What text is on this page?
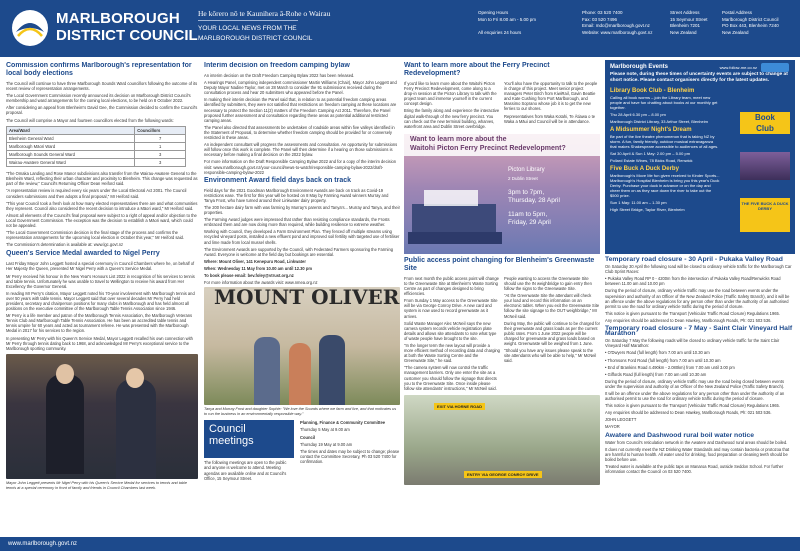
MARLBOROUGH
DISTRICT COUNCIL
He kōrero nō te Kaunihera ā-Rohe o Wairau
YOUR LOCAL NEWS FROM THE
MARLBOROUGH DISTRICT COUNCIL
Opening Hours
Mon to Fri 8.00 am - 5.00 pm

All enquiries 24 hours
Phone: 03 520 7400
Fax: 03 520 7496
Email: mdc@marlborough.govt.nz
Website: www.marlborough.govt.nz
Street Address
15 Seymour Street
Blenheim 7201
New Zealand
Postal Address
Marlborough District Council
PO Box 443, Blenheim 7240
New Zealand
Commission confirms Marlborough's representation for local body elections

The Council will continue to have three Marlborough Sounds Ward councillors following the outcome of its recent review of representation arrangements.

The Local Government Commission recently announced its decision on Marlborough District Council's membership and ward arrangements for the coming local elections, to be held on 8 October 2022.

After considering an appeal from Blenheim's David Gee, the Commission decided to confirm the Council's proposal.

The Council will comprise a Mayor and fourteen councillors elected from the following wards:

Area/Ward	Councillors
Blenheim General Ward	7
Marlborough Māori Ward	1
Marlborough Sounds General Ward	3
Wairau-Awatere General Ward	3

"The Omaka Landing and Rose Manor subdivisions also transfer from the Wairau-Awatere General to the Blenheim Ward, reflecting their urban character and proximity to Blenheim. This change was requested as part of the review," Council's Returning Officer Dean Heiford said.

"A representation review is required every six years under the Local Electoral Act 2001. The Council considers submissions and then adopts a final proposal," Mr Heiford said.

"This year Council took a fresh look at how many elected representatives there are and what communities they represent. Council also considered the recent decision to introduce a Māori ward," Mr Heiford said.

Almost all elements of the Council's final proposal were subject to a right of appeal and/or objection to the Local Government Commission. The exception was the decision to establish a Māori ward, which could not be appealed.

"The Local Government Commission decision is the final stage of the process and confirms the representation arrangements for the upcoming local election in October this year," Mr Heiford said.

The Commission's determination is available at: www.lgc.govt.nz

Queen's Service Medal awarded to Nigel Perry

Last Friday Mayor John Leggett hosted a special ceremony in Council Chambers where he, on behalf of Her Majesty the Queen, presented Mr Nigel Perry with a Queen's Service Medal.

Mr Perry received his honour in the New Year's Honours List 2022 in recognition of his services to tennis and table tennis. Unfortunately he was unable to travel to Wellington to receive his award from Her Excellency the Governor General.

In reading Mr Perry's citation, Mayor Leggett noted his 70-year involvement with Marlborough tennis and over 50 years with table tennis. Mayor Leggett said that over several decades Mr Perry had held president, secretary and chairperson positions for many clubs in Marlborough and has held almost all positions on the executive committee of the Marlborough Table Tennis Association since 1946.

Mr Perry is a life member and patron of the Marlborough Tennis Association, the Marlborough Veterans Tennis Club and Marlborough Table Tennis Association. He has been an accredited table tennis and tennis umpire for 60 years and acted as tournament referee. He was presented with the Marlborough Medal in 2017 for his services to the region.

In presenting Mr Perry with his Queen's Service Medal, Mayor Leggett recalled his own connection with Mr Perry through tennis dating back to 1968, and acknowledged Mr Perry's exceptional service to the Marlborough sporting community.

Mayor John Leggett presents Mr Nigel Perry with his Queen's Service Medal for services to tennis and table tennis at a special ceremony in front of family and friends in Council Chambers last week.

Interim decision on freedom camping bylaw

An interim decision on the Draft Freedom Camping Bylaw 2022 has been released.

A Hearings Panel, comprising independent commissioner Martin Williams (Chair), Mayor John Leggett and Deputy Mayor Nadine Taylor, met on 28 March to consider the 91 submissions received during the consultation process and hear 20 submitters who appeared before the Panel.

In making their interim decision the Panel said that, in relation to as potential freedom camping areas identified by submitters, they were not satisfied that restrictions on freedom camping at these locations are necessary to protect the Section 11(2) matters of the Freedom Camping Act 2011. Therefore, the Panel proposed further assessment and consultation regarding these areas as potential additional restricted camping areas.

The Panel also directed that assessments be undertaken of roadside areas within five valleys identified in the Statement of Proposal, to determine whether freedom camping should be provided for or conversely restricted in these areas.

An independent consultant will progress the assessments and consultation. An opportunity for submissions will follow once this work is complete. The Panel will then determine if a hearing on those submissions is necessary before making a final decision on the 2022 bylaw.

For more information on the Draft Responsible Camping Bylaw 2022 and for a copy of the interim decision visit: www.marlborough.govt.nz/your-council/news-to-watch/responsible-camping-bylaw-2022/draft-responsible-camping-bylaw-2022

Environment Award field days back on track

Field days for the 2021 Goodman Marlborough Environment Awards are back on track as Covid-19 restrictions ease. The first for this year will be hosted on 8 May by Farming Award winners Murray and Tanya Frost, who have turned around their Linkwater dairy property.

The 200 hectare dairy farm with was farming by Murray's parents and Tanya's... Murray and Tanya, and their properties.

The Farming Award judges were impressed that rather than resisting compliance standards, the Frosts embraced them and are now doing more than required, while building resilience to extreme weather.

Working with Council, they developed a Farm Environment Plan. They fenced off multiple streams using recycled vineyard posts, installed a new effluent pond and improved soil fertility with targeted use of fertiliser and lime made from local mussel shells.

The Environment Awards are supported by the Council, with Federated Farmers sponsoring the Farming Award. Everyone is welcome at the field day but bookings are essential.

Where: Mount Oliver, 141 Kenepuru Road, Linkwater

When: Wednesday 11 May from 10.00 am until 12.30 pm

To book please email: bev.foley@vtrust.org.nz

For more information about the awards visit: www.nmea.org.nz

MOUNT OLIVER

Tanya and Murray Frost and daughter Sophie: "We love the Sounds where we farm and live, and that motivates us to run the business in an environmentally responsible way."

Council
meetings

The following meetings are open to the public and anyone is welcome to attend. Meeting agendas are available online and at Council's Office, 15 Seymour Street.

Planning, Finance & Community Committee

Thursday 5 May at 9.00 am

Council

Thursday 19 May at 9.00 am

The times and dates may be subject to change; please contact the Committee Secretary, Ph 03 520 7400 for confirmation.

Want to learn more about the Ferry Precinct Redevelopment?

If you'd like to learn more about the Waitohi Picton Ferry Precinct Redevelopment, come along to a drop-in session at the Picton Library to talk with the project team and immerse yourself in the current concept design.

Bring the family along and experience the interactive digital walk-through of the new ferry precinct. You can check out the new terminal building, wharves, waterfront area and Dublin Street overbridge.

You'll also have the opportunity to talk to the people in charge of this project. Meet senior project managers Peter Birch from KiwiRail, Gavin Beattie and Kate Cushing from Port Marlborough, and Massimo Soprano whose job it is to get the new ferries to our shores.

Representatives from Waka Kotahi, Te Ātiawa o te Waka a Māui and Council will be in attendance.

Want to learn more about the
Waitohi Picton Ferry Precinct Redevelopment?
Picton Library
2 Dublin Street
3pm to 7pm,
Thursday, 28 April
11am to 5pm,
Friday, 29 April
Public access point changing for Blenheim's Greenwaste Site

From next month the public access point will change to the Greenwaste Site at Blenheim's Waste Sorting Centre as part of changes designed to bring efficiencies.

From Sunday 1 May access to the Greenwaste Site will be via George Conroy Drive. A new card and system is now used to record greenwaste as it arrives.

Solid Waste Manager Alec McNeil says the new camera system records vehicle registration plate details and allows site attendants to note what type of waste people have brought to the site.

"In the longer term the new layout will provide a more efficient method of recording data and charging at both the Waste Sorting Centre and the Greenwaste Site," he said.

"The camera system will now control the traffic management barriers. Only one enter the site as a customer you should follow the signage that directs you to the Greenwaste Site. Once inside please follow site attendants' instructions," Mr McNeil said.

People wanting to access the Greenwaste Site should use the IN weighbridge to gain entry then follow the signs to the Greenwaste Site.

"At the Greenwaste Site the attendant will check your load and record this information on an electronic tablet. When you exit the Greenwaste Site follow the site signage to the OUT weighbridge," Mr McNeil said.

During May, the public will continue to be charged for their greenwaste and grass loads as per the current public rates. From 1 June 2022 people will be charged for greenwaste and grass loads based on weight. Greenwaste will be weighed from 1 June.

"Should you have any issues please speak to the site attendants who will be able to help," Mr McNeil said.

EXIT VIA HORNE ROAD
ENTRY VIA GEORGE CONROY DRIVE
Marlborough Events	www.follow-me.co.nz
Please note, during these times of uncertainty events are subject to change at short notice. Please contact organisers directly for the latest updates.
Library Book Club - Blenheim
Calling all book worms – join the Library team, meet new people and have fun chatting about books at our monthly get together.
Thu 28 April 6.30 pm – 8.00 pm
Marlborough District Library, 33 Arthur Street, Blenheim	Book
Club
A Midsummer Night's Dream
Be part of the live theatre phenomenon that is taking NZ by storm. A fun, family friendly, outdoor musical extravaganza that makes Shakespeare accessible to audiences of all ages.
Sat 30 April & Sun 1 May: 2.00 pm – 5.00 pm
Pollard Estate Wines, 78 Bicks Road, Renwick
Five Buck A Duck Derby
Marlborough's Move Me fun given received to Kinder Sports... Marlborough's Hospital Blenheim is bring you this year's Duck Derby. Purchase your duck in advance or on the day and cheer them on as they race down the river to take out the $500 prize.
Sun 1 May: 11.00 am – 1.30 pm
High Street Bridge, Taylor River, Blenheim
THE FIVE BUCK A DUCK DERBY
Temporary road closure - 30 April - Pukaka Valley Road

On Saturday 30 April the following road will be closed to ordinary vehicle traffic for the Marlborough Car Club Sprint Races:

• Pukaka Valley Road RP 0 - 4200m from the intersection of Pukaka Valley Road/Renwicks Road between 11.00 am and 10.00 pm

During the period of closure, ordinary vehicle traffic may use the road between events under the supervision and authority of an Officer of the New Zealand Police (Traffic Safety Branch), and it will be an offence under the above regulations for any person other than under the authority of an authorised permit to use the road for ordinary vehicle traffic during the period of closure.

This notice is given pursuant to the Transport (Vehicular Traffic Road Closure) Regulations 1965.

Any enquiries should be addressed to Dean Hawkey, Marlborough Roads, Ph: 021 503 536.

Temporary road closure - 7 May - Saint Clair Vineyard Half Marathon

On Saturday 7 May the following roads will be closed to ordinary vehicle traffic for the Saint Clair Vineyard Half Marathon:

• O'Dwyers Road (full length) from 7.00 am until 10.30 am

• Thomsons Ford Road (full length) from 7.00 am until 10.30 am

• End of Brankins Road 4.490km - 2.080km) from 7.00 am until 3.00 pm

• Giffords Road (full length) from 7.00 am until 10.30 am

During the period of closure, ordinary vehicle traffic may use the road being closed between events under the supervision and authority of an Officer of the New Zealand Police (Traffic Safety Branch).

It will be an offence under the above regulations for any person other than under the authority of an authorised permit to use the road for ordinary vehicle traffic during the period of closure.

This notice is given pursuant to the Transport (Vehicular Traffic Road Closure) Regulations 1965.

Any enquiries should be addressed to Dean Hawkey, Marlborough Roads, Ph: 021 503 536.

JOHN LEGGETT

MAYOR

Awatere and Dashwood rural boil water notice

Water from Council's reticulation network in the Awatere and Dashwood rural areas should be boiled.

It does not currently meet the NZ Drinking Water Standards and may contain bacteria or protozoa that are harmful to human health. All water used for drinking, food preparation or cleaning teeth should be boiled before use.

Treated water is available at the public taps on Manaroa Road, outside Seddon School. For further information contact the Council on 03 520 7400.

www.marlborough.govt.nz
